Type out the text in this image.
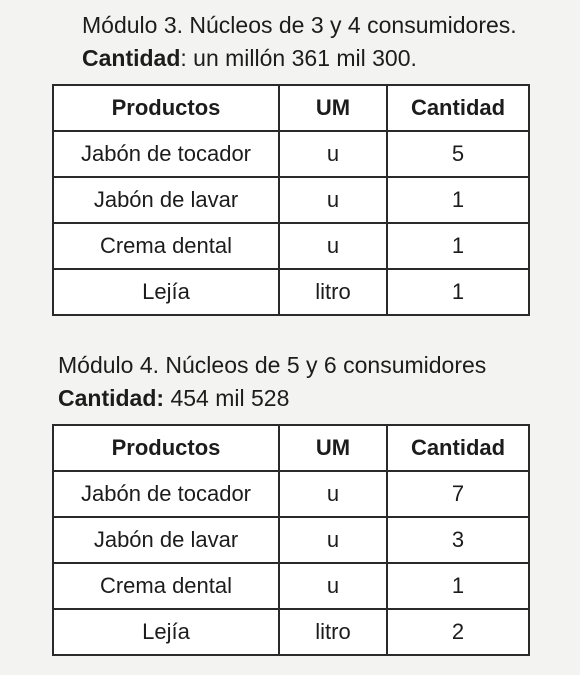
Módulo 3. Núcleos de 3 y 4 consumidores.
Cantidad: un millón 361 mil 300.
Productos	UM	Cantidad
Jabón de tocador	u	5
Jabón de lavar	u	1
Crema dental	u	1
Lejía	litro	1
Módulo 4. Núcleos de 5 y 6 consumidores
Cantidad: 454 mil 528
Productos	UM	Cantidad
Jabón de tocador	u	7
Jabón de lavar	u	3
Crema dental	u	1
Lejía	litro	2
